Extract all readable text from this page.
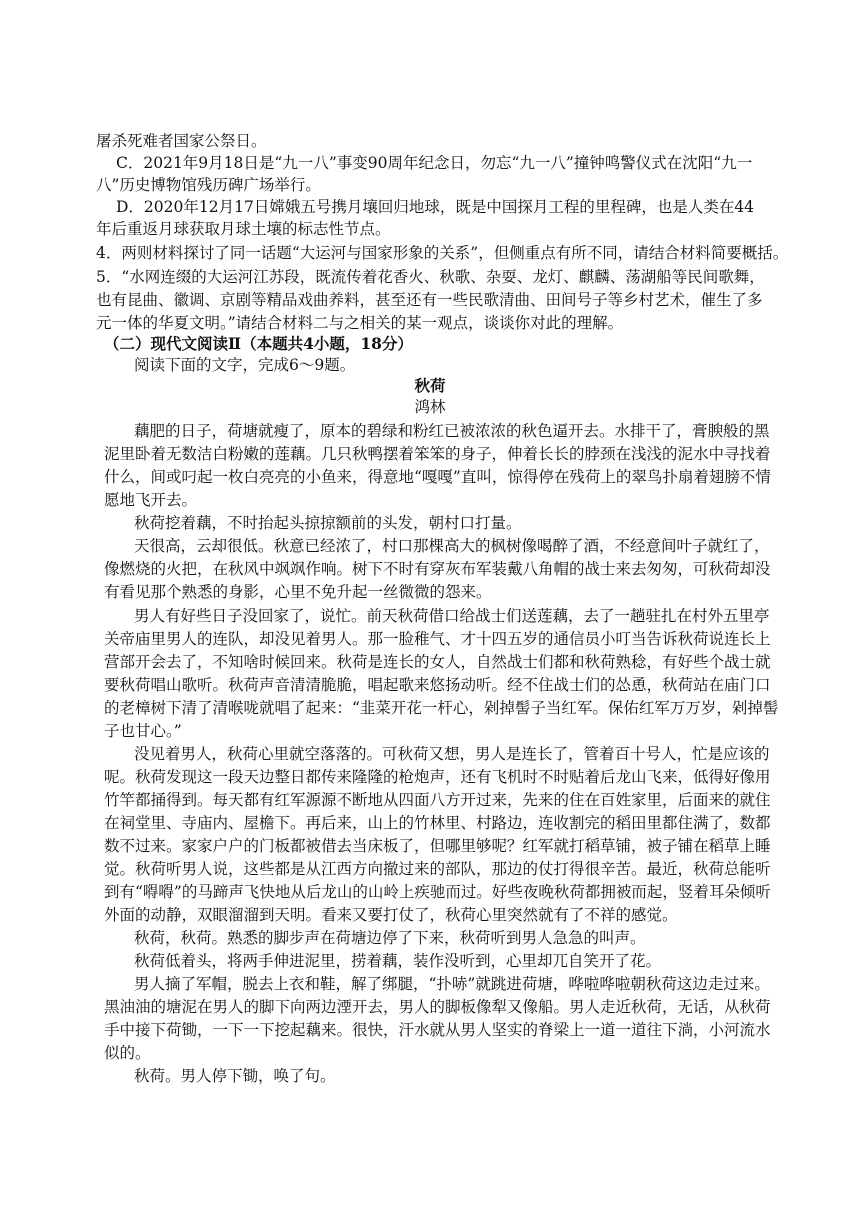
屠杀死难者国家公祭日。
C．2021年9月18日是“九一八”事变90周年纪念日，勿忘“九一八”撞钟鸣警仪式在沈阳“九一
八”历史博物馆残历碑广场举行。
D．2020年12月17日嫦娥五号携月壤回归地球，既是中国探月工程的里程碑，也是人类在44
年后重返月球获取月球土壤的标志性节点。
4．两则材料探讨了同一话题“大运河与国家形象的关系”，但侧重点有所不同，请结合材料简要概括。
5．“水网连缀的大运河江苏段，既流传着花香火、秋歌、杂耍、龙灯、麒麟、荡湖船等民间歌舞，
也有昆曲、徽调、京剧等精品戏曲养料，甚至还有一些民歌清曲、田间号子等乡村艺术，催生了多
元一体的华夏文明。”请结合材料二与之相关的某一观点，谈谈你对此的理解。
（二）现代文阅读Ⅱ（本题共4小题，18分）
阅读下面的文字，完成6～9题。
秋荷
鸿林
藕肥的日子，荷塘就瘦了，原本的碧绿和粉红已被浓浓的秋色逼开去。水排干了，膏腴般的黑
泥里卧着无数洁白粉嫩的莲藕。几只秋鸭摆着笨笨的身子，伸着长长的脖颈在浅浅的泥水中寻找着
什么，间或叼起一枚白亮亮的小鱼来，得意地“嘎嘎”直叫，惊得停在残荷上的翠鸟扑扇着翅膀不情
愿地飞开去。
秋荷挖着藕，不时抬起头掠掠额前的头发，朝村口打量。
天很高，云却很低。秋意已经浓了，村口那棵高大的枫树像喝醉了酒，不经意间叶子就红了，
像燃烧的火把，在秋风中飒飒作响。树下不时有穿灰布军装戴八角帽的战士来去匆匆，可秋荷却没
有看见那个熟悉的身影，心里不免升起一丝微微的怨来。
男人有好些日子没回家了，说忙。前天秋荷借口给战士们送莲藕，去了一趟驻扎在村外五里亭
关帝庙里男人的连队，却没见着男人。那一脸稚气、才十四五岁的通信员小叮当告诉秋荷说连长上
营部开会去了，不知啥时候回来。秋荷是连长的女人，自然战士们都和秋荷熟稔，有好些个战士就
要秋荷唱山歌听。秋荷声音清清脆脆，唱起歌来悠扬动听。经不住战士们的怂恿，秋荷站在庙门口
的老樟树下清了清喉咙就唱了起来：“韭菜开花一杆心，剁掉髻子当红军。保佑红军万万岁，剁掉髻
子也甘心。”
没见着男人，秋荷心里就空落落的。可秋荷又想，男人是连长了，管着百十号人，忙是应该的
呢。秋荷发现这一段天边整日都传来隆隆的枪炮声，还有飞机时不时贴着后龙山飞来，低得好像用
竹竿都捅得到。每天都有红军源源不断地从四面八方开过来，先来的住在百姓家里，后面来的就住
在祠堂里、寺庙内、屋檐下。再后来，山上的竹林里、村路边，连收割完的稻田里都住满了，数都
数不过来。家家户户的门板都被借去当床板了，但哪里够呢？红军就打稻草铺，被子铺在稻草上睡
觉。秋荷听男人说，这些都是从江西方向撤过来的部队，那边的仗打得很辛苦。最近，秋荷总能听
到有“嘚嘚”的马蹄声飞快地从后龙山的山岭上疾驰而过。好些夜晚秋荷都拥被而起，竖着耳朵倾听
外面的动静，双眼溜溜到天明。看来又要打仗了，秋荷心里突然就有了不祥的感觉。
秋荷，秋荷。熟悉的脚步声在荷塘边停了下来，秋荷听到男人急急的叫声。
秋荷低着头，将两手伸进泥里，捞着藕，装作没听到，心里却兀自笑开了花。
男人摘了军帽，脱去上衣和鞋，解了绑腿，“扑哧”就跳进荷塘，哗啦哗啦朝秋荷这边走过来。
黑油油的塘泥在男人的脚下向两边湮开去，男人的脚板像犁又像船。男人走近秋荷，无话，从秋荷
手中接下荷锄，一下一下挖起藕来。很快，汗水就从男人坚实的脊梁上一道一道往下淌，小河流水
似的。
秋荷。男人停下锄，唤了句。
